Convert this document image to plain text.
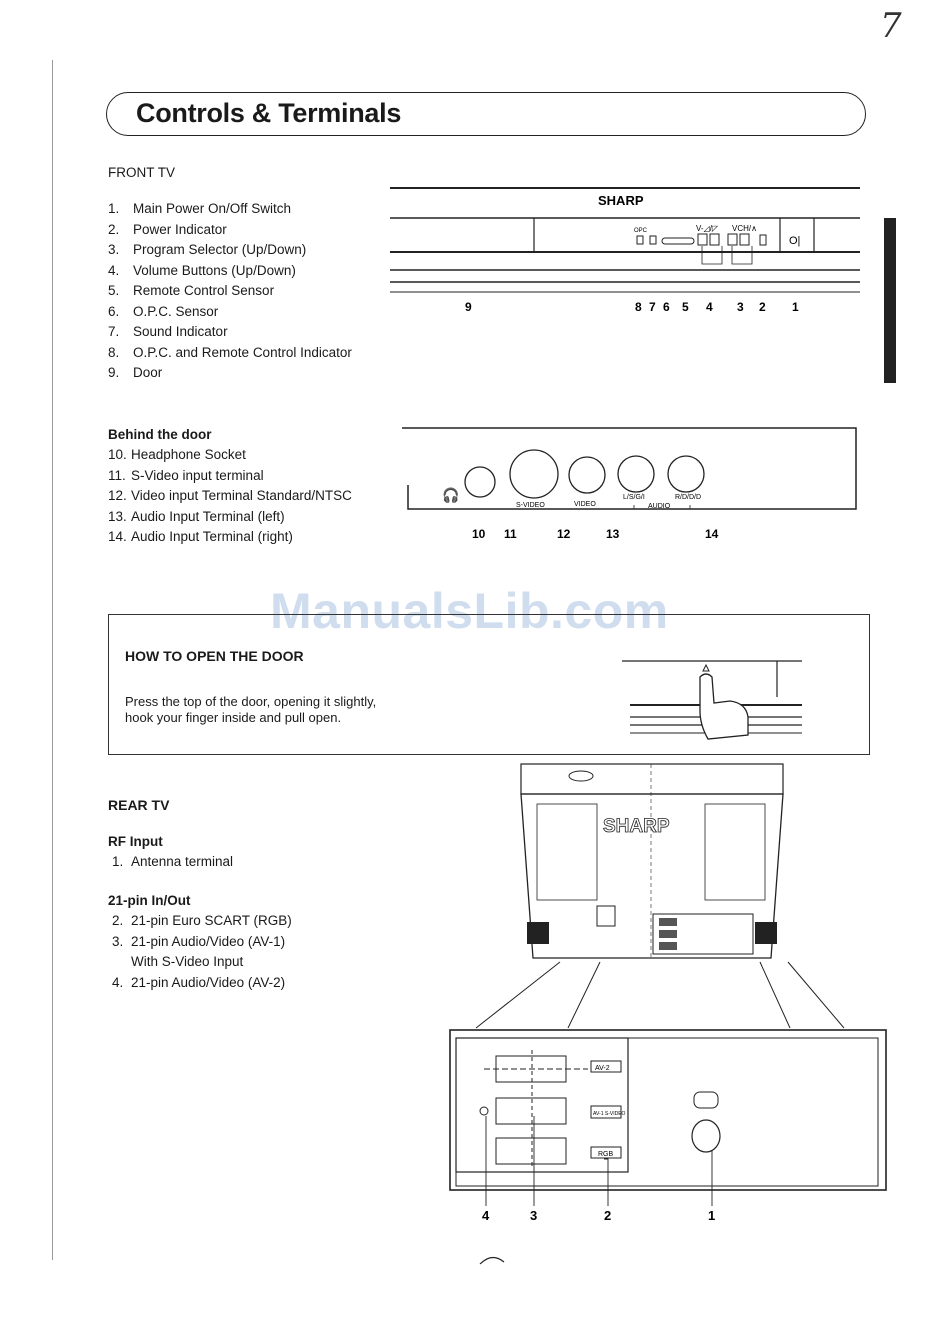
7
Controls & Terminals
FRONT TV
1. Main Power On/Off Switch
2. Power Indicator
3. Program Selector (Up/Down)
4. Volume Buttons (Up/Down)
5. Remote Control Sensor
6. O.P.C. Sensor
7. Sound Indicator
8. O.P.C. and Remote Control Indicator
9. Door
SHARP
OPC	V-◿/◸ VCH/∧
O|
9	8 7 6 5 4 3 2 1
Behind the door
10. Headphone Socket
11. S-Video input terminal
12. Video input Terminal Standard/NTSC
13. Audio Input Terminal (left)
14. Audio Input Terminal (right)
🎧
S-VIDEO	VIDEO
L/S/G/I	R/D/D/D
AUDIO
10 11	12	13	14
ManualsLib.com
HOW TO OPEN THE DOOR
Press the top of the door, opening it slightly,
hook your finger inside and pull open.
REAR TV
RF Input
1. Antenna terminal
21-pin In/Out
2. 21-pin Euro SCART (RGB)
3. 21-pin Audio/Video (AV-1)
With S-Video Input
4. 21-pin Audio/Video (AV-2)
SHARP
AV-2
AV-1 S-VIDEO
RGB
4	3	2	1
